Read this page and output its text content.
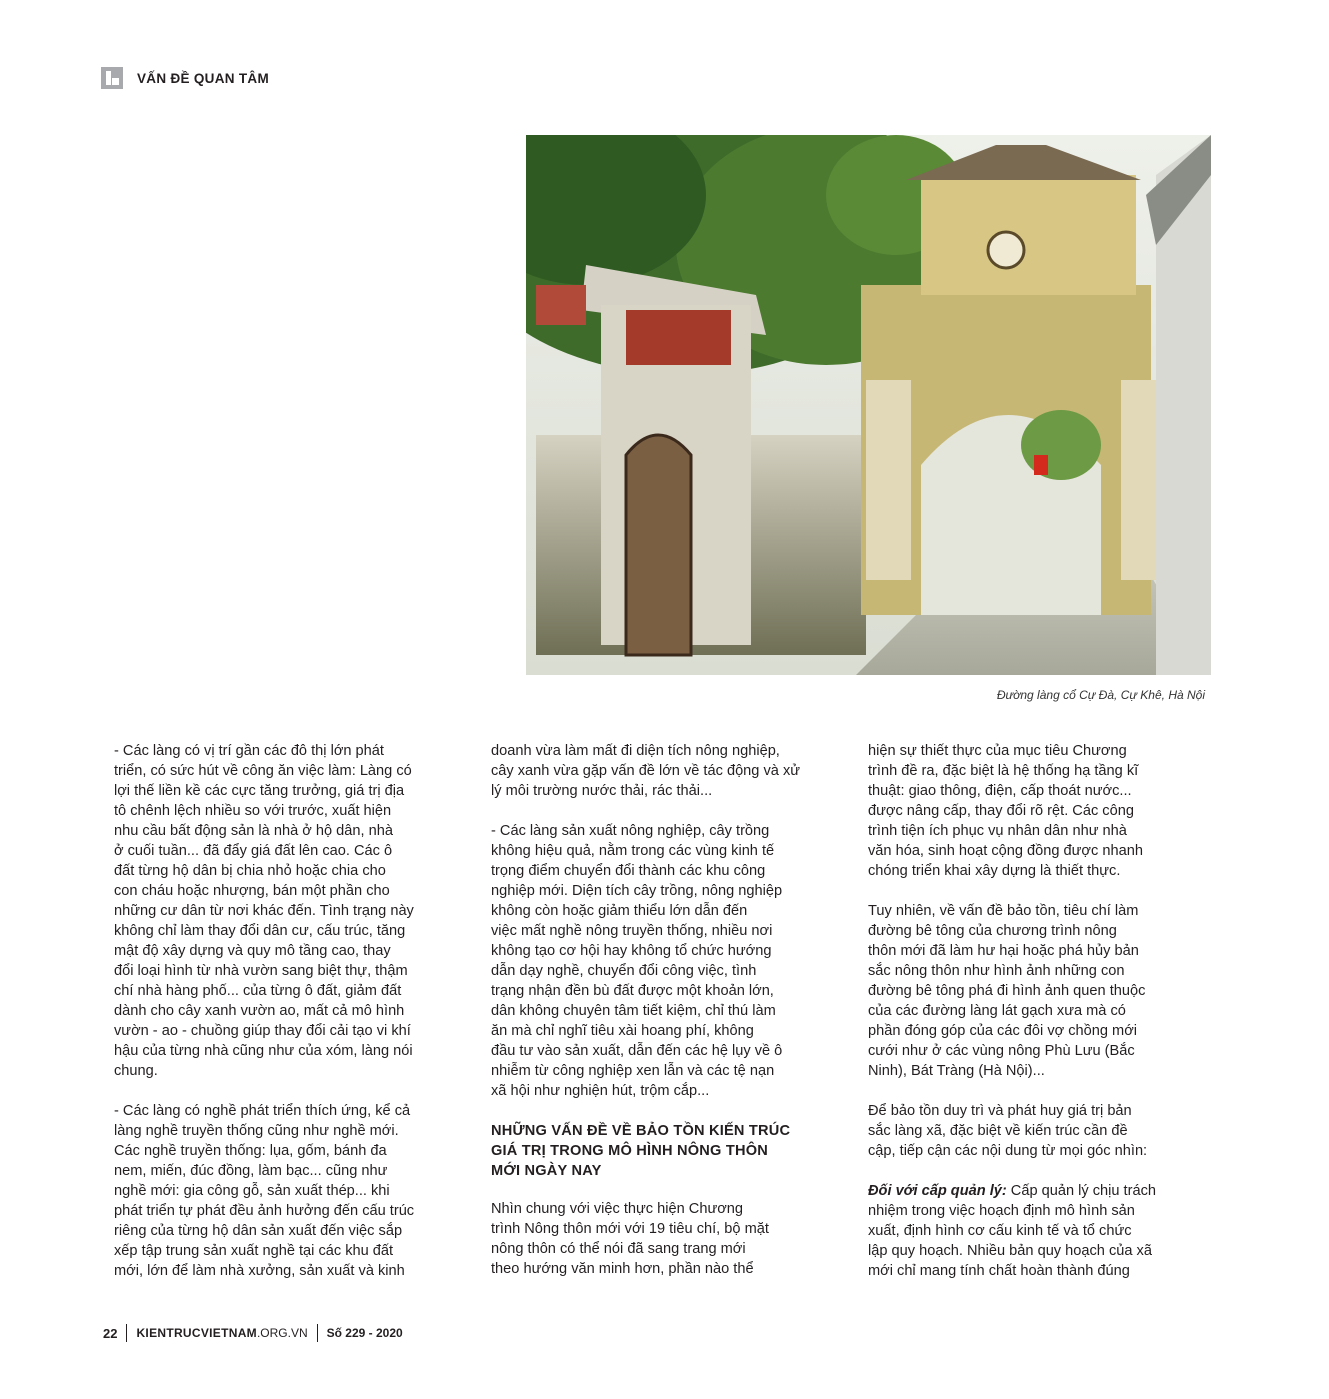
VẤN ĐỀ QUAN TÂM
Đường làng cổ Cự Đà, Cự Khê, Hà Nội

- Các làng có vị trí gần các đô thị lớn phát
triển, có sức hút về công ăn việc làm: Làng có
lợi thế liền kề các cực tăng trưởng, giá trị địa
tô chênh lệch nhiều so với trước, xuất hiện
nhu cầu bất động sản là nhà ở hộ dân, nhà
ở cuối tuần... đã đẩy giá đất lên cao. Các ô
đất từng hộ dân bị chia nhỏ hoặc chia cho
con cháu hoặc nhượng, bán một phần cho
những cư dân từ nơi khác đến. Tình trạng này
không chỉ làm thay đổi dân cư, cấu trúc, tăng
mật độ xây dựng và quy mô tầng cao, thay
đổi loại hình từ nhà vườn sang biệt thự, thậm
chí nhà hàng phố... của từng ô đất, giảm đất
dành cho cây xanh vườn ao, mất cả mô hình
vườn - ao - chuồng giúp thay đổi cải tạo vi khí
hậu của từng nhà cũng như của xóm, làng nói
chung.

- Các làng có nghề phát triển thích ứng, kể cả
làng nghề truyền thống cũng như nghề mới.
Các nghề truyền thống: lụa, gốm, bánh đa
nem, miến, đúc đồng, làm bạc... cũng như
nghề mới: gia công gỗ, sản xuất thép... khi
phát triển tự phát đều ảnh hưởng đến cấu trúc
riêng của từng hộ dân sản xuất đến việc sắp
xếp tập trung sản xuất nghề tại các khu đất
mới, lớn để làm nhà xưởng, sản xuất và kinh

doanh vừa làm mất đi diện tích nông nghiệp,
cây xanh vừa gặp vấn đề lớn về tác động và xử
lý môi trường nước thải, rác thải...

- Các làng sản xuất nông nghiệp, cây trồng
không hiệu quả, nằm trong các vùng kinh tế
trọng điểm chuyển đổi thành các khu công
nghiệp mới. Diện tích cây trồng, nông nghiệp
không còn hoặc giảm thiểu lớn dẫn đến
việc mất nghề nông truyền thống, nhiều nơi
không tạo cơ hội hay không tổ chức hướng
dẫn dạy nghề, chuyển đổi công việc, tình
trạng nhận đền bù đất được một khoản lớn,
dân không chuyên tâm tiết kiệm, chỉ thú làm
ăn mà chỉ nghĩ tiêu xài hoang phí, không
đầu tư vào sản xuất, dẫn đến các hệ lụy về ô
nhiễm từ công nghiệp xen lẫn và các tệ nạn
xã hội như nghiện hút, trộm cắp...

NHỮNG VẤN ĐỀ VỀ BẢO TỒN KIẾN TRÚC
GIÁ TRỊ TRONG MÔ HÌNH NÔNG THÔN
MỚI NGÀY NAY

Nhìn chung với việc thực hiện Chương
trình Nông thôn mới với 19 tiêu chí, bộ mặt
nông thôn có thể nói đã sang trang mới
theo hướng văn minh hơn, phần nào thể

hiện sự thiết thực của mục tiêu Chương
trình đề ra, đặc biệt là hệ thống hạ tầng kĩ
thuật: giao thông, điện, cấp thoát nước...
được nâng cấp, thay đổi rõ rệt. Các công
trình tiện ích phục vụ nhân dân như nhà
văn hóa, sinh hoạt cộng đồng được nhanh
chóng triển khai xây dựng là thiết thực.

Tuy nhiên, về vấn đề bảo tồn, tiêu chí làm
đường bê tông của chương trình nông
thôn mới đã làm hư hại hoặc phá hủy bản
sắc nông thôn như hình ảnh những con
đường bê tông phá đi hình ảnh quen thuộc
của các đường làng lát gạch xưa mà có
phần đóng góp của các đôi vợ chồng mới
cưới như ở các vùng nông Phù Lưu (Bắc
Ninh), Bát Tràng (Hà Nội)...

Để bảo tồn duy trì và phát huy giá trị bản
sắc làng xã, đặc biệt về kiến trúc cần đề
cập, tiếp cận các nội dung từ mọi góc nhìn:

Đối với cấp quản lý: Cấp quản lý chịu trách
nhiệm trong việc hoạch định mô hình sản
xuất, định hình cơ cấu kinh tế và tổ chức
lập quy hoạch. Nhiều bản quy hoạch của xã
mới chỉ mang tính chất hoàn thành đúng

22 KIENTRUCVIETNAM .ORG.VN Số 229 - 2020
